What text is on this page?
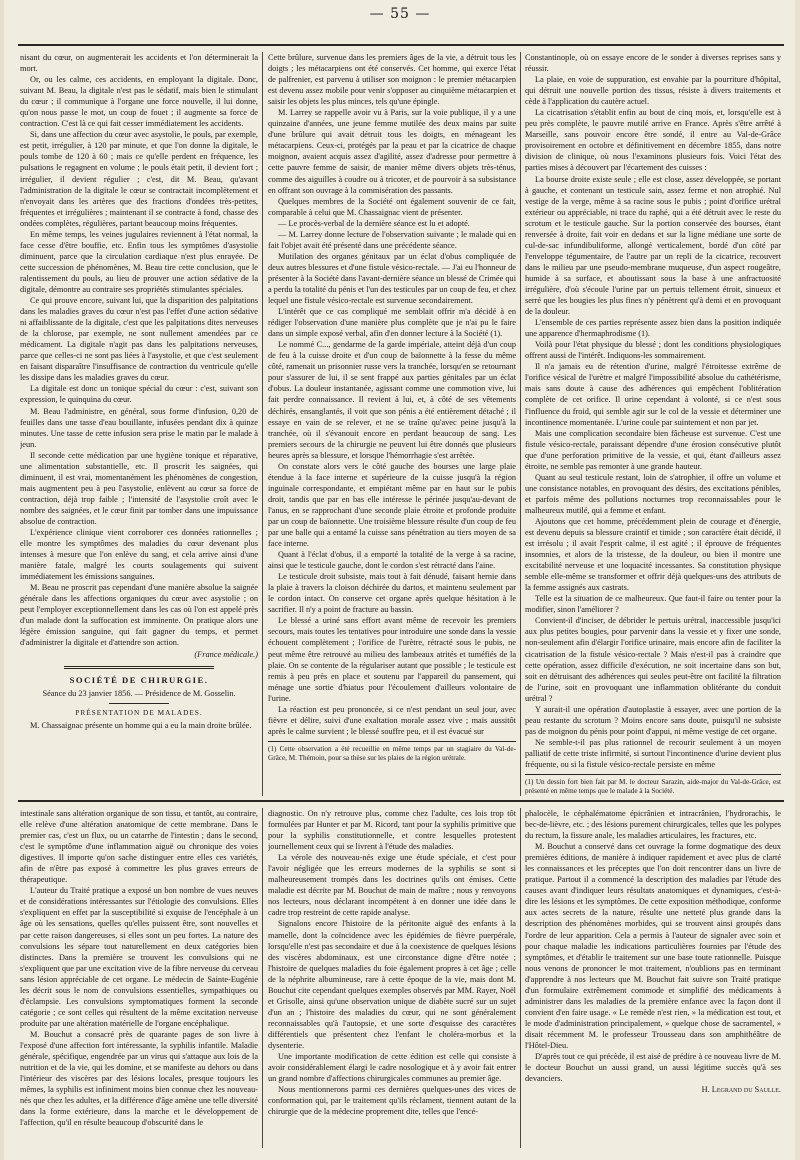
— 55 —

nisant du cœur, on augmenterait les accidents et l'on déterminerait la mort.

Or, ou les calme, ces accidents, en employant la digitale. Donc, suivant M. Beau, la digitale n'est pas le sédatif, mais bien le stimulant du cœur ; il communique à l'organe une force nouvelle, il lui donne, qu'on nous passe le mot, un coup de fouet ; il augmente sa force de contraction. C'est là ce qui fait cesser immédiatement les accidents.

Si, dans une affection du cœur avec asystolie, le pouls, par exemple, est petit, irrégulier, à 120 par minute, et que l'on donne la digitale, le pouls tombe de 120 à 60 ; mais ce qu'elle perdent en fréquence, les pulsations le regagnent en volume ; le pouls était petit, il devient fort ; irrégulier, il devient régulier ; c'est, dit M. Beau, qu'avant l'administration de la digitale le cœur se contractait incomplètement et n'envoyait dans les artères que des fractions d'ondées très-petites, fréquentes et irrégulières ; maintenant il se contracte à fond, chasse des ondées complètes, régulières, partant beaucoup moins fréquentes.

En même temps, les veines jugulaires reviennent à l'état normal, la face cesse d'être bouffie, etc. Enfin tous les symptômes d'asystolie diminuent, parce que la circulation cardiaque n'est plus enrayée. De cette succession de phénomènes, M. Beau tire cette conclusion, que le ralentissement du pouls, au lieu de prouver une action sédative de la digitale, démontre au contraire ses propriétés stimulantes spéciales.

Ce qui prouve encore, suivant lui, que la disparition des palpitations dans les maladies graves du cœur n'est pas l'effet d'une action sédative ni affaiblissante de la digitale, c'est que les palpitations dites nerveuses de la chlorose, par exemple, ne sont nullement amendées par ce médicament. La digitale n'agit pas dans les palpitations nerveuses, parce que celles-ci ne sont pas liées à l'asystolie, et que c'est seulement en faisant disparaître l'insuffisance de contraction du ventricule qu'elle les dissipe dans les maladies graves du cœur.

La digitale est donc un tonique spécial du cœur : c'est, suivant son expression, le quinquina du cœur.

M. Beau l'administre, en général, sous forme d'infusion, 0,20 de feuilles dans une tasse d'eau bouillante, infusées pendant dix à quinze minutes. Une tasse de cette infusion sera prise le matin par le malade à jeun.

Il seconde cette médication par une hygiène tonique et réparative, une alimentation substantielle, etc. Il proscrit les saignées, qui diminuent, il est vrai, momentanément les phénomènes de congestion, mais augmentent peu à peu l'asystolie, enlèvent au cœur sa force de contraction, déjà trop faible ; l'intensité de l'asystolie croît avec le nombre des saignées, et le cœur finit par tomber dans une impuissance absolue de contraction.

L'expérience clinique vient corroborer ces données rationnelles ; elle montre les symptômes des maladies du cœur devenant plus intenses à mesure que l'on enlève du sang, et cela arrive ainsi d'une manière fatale, malgré les courts soulagements qui suivent immédiatement les émissions sanguines.

M. Beau ne proscrit pas cependant d'une manière absolue la saignée générale dans les affections organiques du cœur avec asystolie ; on peut l'employer exceptionnellement dans les cas où l'on est appelé près d'un malade dont la suffocation est imminente. On pratique alors une légère émission sanguine, qui fait gagner du temps, et permet d'administrer la digitale et d'attendre son action.

(France médicale.)

SOCIÉTÉ DE CHIRURGIE.

Séance du 23 janvier 1856. — Présidence de M. Gosselin.

PRÉSENTATION DE MALADES.

M. Chassaignac présente un homme qui a eu la main droite brûlée.

Cette brûlure, survenue dans les premiers âges de la vie, a détruit tous les doigts ; les métacarpiens ont été conservés. Cet homme, qui exerce l'état de palfrenier, est parvenu à utiliser son moignon : le premier métacarpien est devenu assez mobile pour venir s'opposer au cinquième métacarpien et saisir les objets les plus minces, tels qu'une épingle.

M. Larrey se rappelle avoir vu à Paris, sur la voie publique, il y a une quinzaine d'années, une jeune femme mutilée des deux mains par suite d'une brûlure qui avait détruit tous les doigts, en ménageant les métacarpiens. Ceux-ci, protégés par la peau et par la cicatrice de chaque moignon, avaient acquis assez d'agilité, assez d'adresse pour permettre à cette pauvre femme de saisir, de manier même divers objets très-ténus, comme des aiguilles à coudre ou à tricoter, et de pourvoir à sa subsistance en offrant son ouvrage à la commisération des passants.

Quelques membres de la Société ont également souvenir de ce fait, comparable à celui que M. Chassaignac vient de présenter.

— Le procès-verbal de la dernière séance est lu et adopté.

— M. Larrey donne lecture de l'observation suivante ; le malade qui en fait l'objet avait été présenté dans une précédente séance.

Mutilation des organes génitaux par un éclat d'obus compliquée de deux autres blessures et d'une fistule vésico-rectale. — J'ai eu l'honneur de présenter à la Société dans l'avant-dernière séance un blessé de Crimée qui a perdu la totalité du pénis et l'un des testicules par un coup de feu, et chez lequel une fistule vésico-rectale est survenue secondairement.

L'intérêt que ce cas compliqué me semblait offrir m'a décidé à en rédiger l'observation d'une manière plus complète que je n'ai pu le faire dans un simple exposé verbal, afin d'en donner lecture à la Société (1).

Le nommé C..., gendarme de la garde impériale, atteint déjà d'un coup de feu à la cuisse droite et d'un coup de baïonnette à la fesse du même côté, ramenait un prisonnier russe vers la tranchée, lorsqu'en se retournant pour s'assurer de lui, il se sent frappé aux parties génitales par un éclat d'obus. La douleur instantanée, agissant comme une commotion vive, lui fait perdre connaissance. Il revient à lui, et, à côté de ses vêtements déchirés, ensanglantés, il voit que son pénis a été entièrement détaché ; il essaye en vain de se relever, et ne se traîne qu'avec peine jusqu'à la tranchée, où il s'évanouit encore en perdant beaucoup de sang. Les premiers secours de la chirurgie ne peuvent lui être donnés que plusieurs heures après sa blessure, et lorsque l'hémorrhagie s'est arrêtée.

On constate alors vers le côté gauche des bourses une large plaie étendue à la face interne et supérieure de la cuisse jusqu'à la région inguinale correspondante, et empiétant même par en haut sur le pubis droit, tandis que par en bas elle intéresse le périnée jusqu'au-devant de l'anus, en se rapprochant d'une seconde plaie étroite et profonde produite par un coup de baïonnette. Une troisième blessure résulte d'un coup de feu par une balle qui a entamé la cuisse sans pénétration au tiers moyen de sa face interne.

Quant à l'éclat d'obus, il a emporté la totalité de la verge à sa racine, ainsi que le testicule gauche, dont le cordon s'est rétracté dans l'aine.

Le testicule droit subsiste, mais tout à fait dénudé, faisant hernie dans la plaie à travers la cloison déchirée du dartos, et maintenu seulement par le cordon intact. On conserve cet organe après quelque hésitation à le sacrifier. Il n'y a point de fracture au bassin.

Le blessé a uriné sans effort avant même de recevoir les premiers secours, mais toutes les tentatives pour introduire une sonde dans la vessie échouent complètement ; l'orifice de l'urètre, rétracté sous le pubis, ne peut même être retrouvé au milieu des lambeaux atrités et tuméfiés de la plaie. On se contente de la régulariser autant que possible ; le testicule est remis à peu près en place et soutenu par l'appareil du pansement, qui ménage une sortie d'hiatus pour l'écoulement d'ailleurs volontaire de l'urine.

La réaction est peu prononcée, si ce n'est pendant un seul jour, avec fièvre et délire, suivi d'une exaltation morale assez vive ; mais aussitôt après le calme survient ; le blessé souffre peu, et il est évacué sur

(1) Cette observation a été recueillie en même temps par un stagiaire du Val-de-Grâce, M. Thémoin, pour sa thèse sur les plaies de la région urétrale.

Constantinople, où on essaye encore de le sonder à diverses reprises sans y réussir.

La plaie, en voie de suppuration, est envahie par la pourriture d'hôpital, qui détruit une nouvelle portion des tissus, résiste à divers traitements et cède à l'application du cautère actuel.

La cicatrisation s'établit enfin au bout de cinq mois, et, lorsqu'elle est à peu près complète, le pauvre mutilé arrive en France. Après s'être arrêté à Marseille, sans pouvoir encore être sondé, il entre au Val-de-Grâce provisoirement en octobre et définitivement en décembre 1855, dans notre division de clinique, où nous l'examinons plusieurs fois. Voici l'état des parties mises à découvert par l'écartement des cuisses :

La bourse droite existe seule ; elle est close, assez développée, se portant à gauche, et contenant un testicule sain, assez ferme et non atrophié. Nul vestige de la verge, même à sa racine sous le pubis ; point d'orifice urétral extérieur ou appréciable, ni trace du raphé, qui a été détruit avec le reste du scrotum et le testicule gauche. Sur la portion conservée des bourses, étant renversée à droite, fait voir en dedans et sur la ligne médiane une sorte de cul-de-sac infundibuliforme, allongé verticalement, bordé d'un côté par l'enveloppe tégumentaire, de l'autre par un repli de la cicatrice, recouvert dans le milieu par une pseudo-membrane muqueuse, d'un aspect rougeâtre, humide à sa surface, et aboutissant sous la base à une anfractuosité irrégulière, d'où s'écoule l'urine par un pertuis tellement étroit, sinueux et serré que les bougies les plus fines n'y pénètrent qu'à demi et en provoquant de la douleur.

L'ensemble de ces parties représente assez bien dans la position indiquée une apparence d'hermaphrodisme (1).

Voilà pour l'état physique du blessé ; dont les conditions physiologiques offrent aussi de l'intérêt. Indiquons-les sommairement.

Il n'a jamais eu de rétention d'urine, malgré l'étroitesse extrême de l'orifice vésical de l'urètre et malgré l'impossibilité absolue du cathétérisme, mais sans doute à cause des adhérences qui empêchent l'oblitération complète de cet orifice. Il urine cependant à volonté, si ce n'est sous l'influence du froid, qui semble agir sur le col de la vessie et déterminer une incontinence momentanée. L'urine coule par suintement et non par jet.

Mais une complication secondaire bien fâcheuse est survenue. C'est une fistule vésico-rectale, paraissant dépendre d'une érosion consécutive plutôt que d'une perforation primitive de la vessie, et qui, étant d'ailleurs assez étroite, ne semble pas remonter à une grande hauteur.

Quant au seul testicule restant, loin de s'atrophier, il offre un volume et une consistance notables, en provoquant des désirs, des excitations pénibles, et parfois même des pollutions nocturnes trop reconnaissables pour le malheureux mutilé, qui a femme et enfant.

Ajoutons que cet homme, précédemment plein de courage et d'énergie, est devenu depuis sa blessure craintif et timide ; son caractère était décidé, il est irrésolu ; il avait l'esprit calme, il est agité ; il éprouve de fréquentes insomnies, et alors de la tristesse, de la douleur, ou bien il montre une excitabilité nerveuse et une loquacité incessantes. Sa constitution physique semble elle-même se transformer et offrir déjà quelques-uns des attributs de la femme assignés aux castrats.

Telle est la situation de ce malheureux. Que faut-il faire ou tenter pour la modifier, sinon l'améliorer ?

Convient-il d'inciser, de débrider le pertuis urétral, inaccessible jusqu'ici aux plus petites bougies, pour parvenir dans la vessie et y fixer une sonde, non-seulement afin d'élargir l'orifice urinaire, mais encore afin de faciliter la cicatrisation de la fistule vésico-rectale ? Mais n'est-il pas à craindre que cette opération, assez difficile d'exécution, ne soit incertaine dans son but, soit en détruisant des adhérences qui seules peut-être ont facilité la filtration de l'urine, soit en provoquant une inflammation oblitérante du conduit urétral ?

Y aurait-il une opération d'autoplastie à essayer, avec une portion de la peau restante du scrotum ? Moins encore sans doute, puisqu'il ne subsiste pas de moignon du pénis pour point d'appui, ni même vestige de cet organe.

Ne semble-t-il pas plus rationnel de recourir seulement à un moyen palliatif de cette triste infirmité, si surtout l'incontinence d'urine devient plus fréquente, ou si la fistule vésico-rectale persiste en même

(1) Un dessin fort bien fait par M. le docteur Sarazin, aide-major du Val-de-Grâce, est présenté en même temps que le malade à la Société.

intestinale sans altération organique de son tissu, et tantôt, au contraire, elle relève d'une altération anatomique de cette membrane. Dans le premier cas, c'est un flux, ou un catarrhe de l'intestin ; dans le second, c'est le symptôme d'une inflammation aiguë ou chronique des voies digestives. Il importe qu'on sache distinguer entre elles ces variétés, afin de n'être pas exposé à commettre les plus graves erreurs de thérapeutique.

L'auteur du Traité pratique a exposé un bon nombre de vues neuves et de considérations intéressantes sur l'étiologie des convulsions. Elles s'expliquent en effet par la susceptibilité si exquise de l'encéphale à un âge où les sensations, quelles qu'elles puissent être, sont nouvelles et par cette raison dangereuses, si elles sont un peu fortes. La nature des convulsions les sépare tout naturellement en deux catégories bien distinctes. Dans la première se trouvent les convulsions qui ne s'expliquent que par une excitation vive de la fibre nerveuse du cerveau sans lésion appréciable de cet organe. Le médecin de Sainte-Eugénie les décrit sous le nom de convulsions essentielles, sympathiques ou d'éclampsie. Les convulsions symptomatiques forment la seconde catégorie ; ce sont celles qui résultent de la même excitation nerveuse produite par une altération matérielle de l'organe encéphalique.

M. Bouchut a consacré près de quarante pages de son livre à l'exposé d'une affection fort intéressante, la syphilis infantile. Maladie générale, spécifique, engendrée par un virus qui s'attaque aux lois de la nutrition et de la vie, qui les domine, et se manifeste au dehors ou dans l'intérieur des viscères par des lésions locales, presque toujours les mêmes, la syphilis est infiniment moins bien connue chez les nouveau-nés que chez les adultes, et la différence d'âge amène une telle diversité dans la forme extérieure, dans la marche et le développement de l'affection, qu'il en résulte beaucoup d'obscurité dans le

diagnostic. On n'y retrouve plus, comme chez l'adulte, ces lois trop tôt formulées par Hunter et par M. Ricord, tant pour la syphilis primitive que pour la syphilis constitutionnelle, et contre lesquelles protestent journellement ceux qui se livrent à l'étude des maladies.

La vérole des nouveau-nés exige une étude spéciale, et c'est pour l'avoir négligée que les erreurs modernes de la syphilis se sont si malheureusement trompés dans les doctrines qu'ils ont émises. Cette maladie est décrite par M. Bouchut de main de maître ; nous y renvoyons nos lecteurs, nous déclarant incompétent à en donner une idée dans le cadre trop restreint de cette rapide analyse.

Signalons encore l'histoire de la péritonite aiguë des enfants à la mamelle, dont la coïncidence avec les épidémies de fièvre puerpérale, lorsqu'elle n'est pas secondaire et due à la coexistence de quelques lésions des viscères abdominaux, est une circonstance digne d'être notée ; l'histoire de quelques maladies du foie également propres à cet âge ; celle de la néphrite albumineuse, rare à cette époque de la vie, mais dont M. Bouchut cite cependant quelques exemples observés par MM. Rayer, Noël et Grisolle, ainsi qu'une observation unique de diabète sucré sur un sujet d'un an ; l'histoire des maladies du cœur, qui ne sont généralement reconnaissables qu'à l'autopsie, et une sorte d'esquisse des caractères différentiels que présentent chez l'enfant le choléra-morbus et la dysenterie.

Une importante modification de cette édition est celle qui consiste à avoir considérablement élargi le cadre nosologique et à y avoir fait entrer un grand nombre d'affections chirurgicales communes au premier âge.

Nous mentionnerons parmi ces dernières quelques-unes des vices de conformation qui, par le traitement qu'ils réclament, tiennent autant de la chirurgie que de la médecine proprement dite, telles que l'encé-

phalocèle, le céphalématome épicrânien et intracrânien, l'hydrorachis, le bec-de-lièvre, etc. ; des lésions purement chirurgicales, telles que les polypes du rectum, la fissure anale, les maladies articulaires, les fractures, etc.

M. Bouchut a conservé dans cet ouvrage la forme dogmatique des deux premières éditions, de manière à indiquer rapidement et avec plus de clarté les connaissances et les préceptes que l'on doit rencontrer dans un livre de pratique. Partout il a commencé la description des maladies par l'étude des causes avant d'indiquer leurs résultats anatomiques et dynamiques, c'est-à-dire les lésions et les symptômes. De cette exposition méthodique, conforme aux actes secrets de la nature, résulte une netteté plus grande dans la description des phénomènes morbides, qui se trouvent ainsi groupés dans l'ordre de leur apparition. Cela a permis à l'auteur de signaler avec soin et pour chaque maladie les indications particulières fournies par l'étude des symptômes, et d'établir le traitement sur une base toute rationnelle. Puisque nous venons de prononcer le mot traitement, n'oublions pas en terminant d'apprendre à nos lecteurs que M. Bouchut fait suivre son Traité pratique d'un formulaire extrêmement commode et simplifié des médicaments à administrer dans les maladies de la première enfance avec la façon dont il convient d'en faire usage. « Le remède n'est rien, » la médication est tout, et le mode d'administration principalement, » quelque chose de sacramentel, » disait récemment M. le professeur Trousseau dans son amphithéâtre de l'Hôtel-Dieu.

D'après tout ce qui précède, il est aisé de prédire à ce nouveau livre de M. le docteur Bouchut un aussi grand, un aussi légitime succès qu'à ses devanciers.

H. Legrand du Saulle.
